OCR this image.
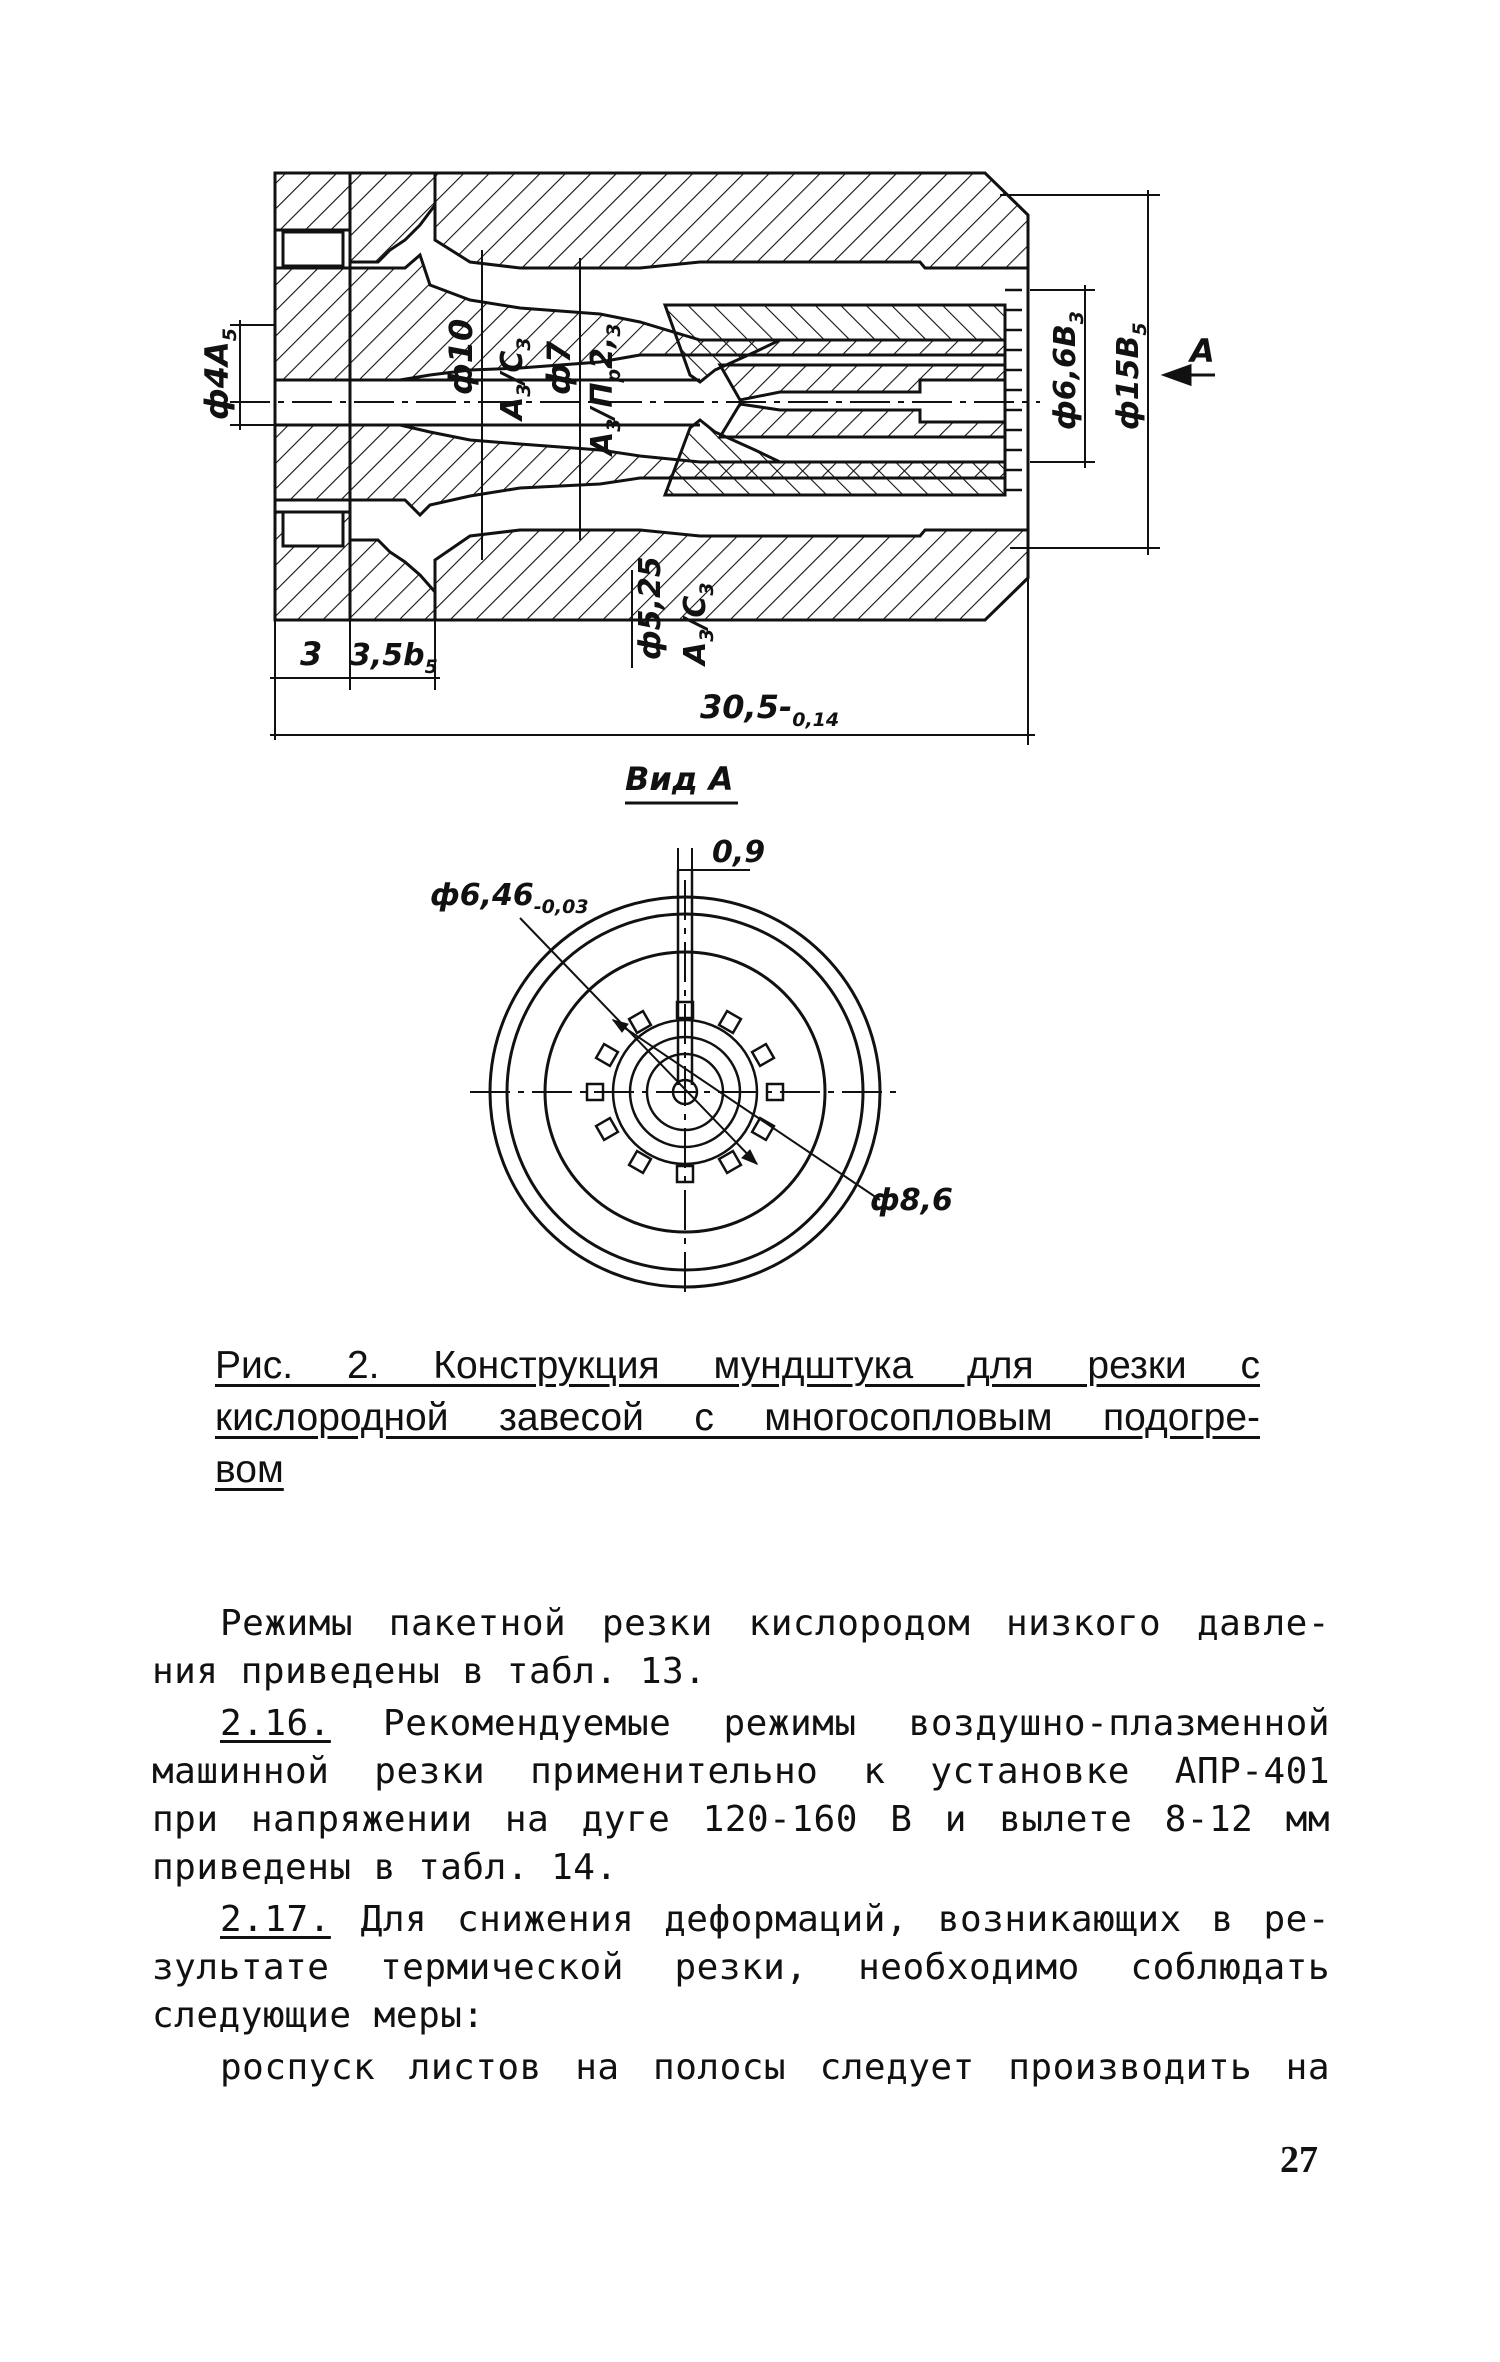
$ф4А_5$	ф10
$А_3/C_3$ ф7
$А_3/П_р2,_3$	$ф6,6В_3$
$ф15В_5$
А
ф5,25 $А_3/C_3$
3 $3,5b_5$
$30,5-_{0,14}$
Вид А
0,9
$ф6,46_{-0,03}$
ф8,6
Рис. 2. Конструкция мундштука для резки с
кислородной завесой с многосопловым подогре-
вом
Режимы пакетной резки кислородом низкого давле-
ния приведены в табл. 13.
2.16. Рекомендуемые режимы воздушно-плазменной
машинной резки применительно к установке АПР-401
при напряжении на дуге 120-160 В и вылете 8-12 мм
приведены в табл. 14.
2.17. Для снижения деформаций, возникающих в ре-
зультате термической резки, необходимо соблюдать
следующие меры:
роспуск листов на полосы следует производить на
27
